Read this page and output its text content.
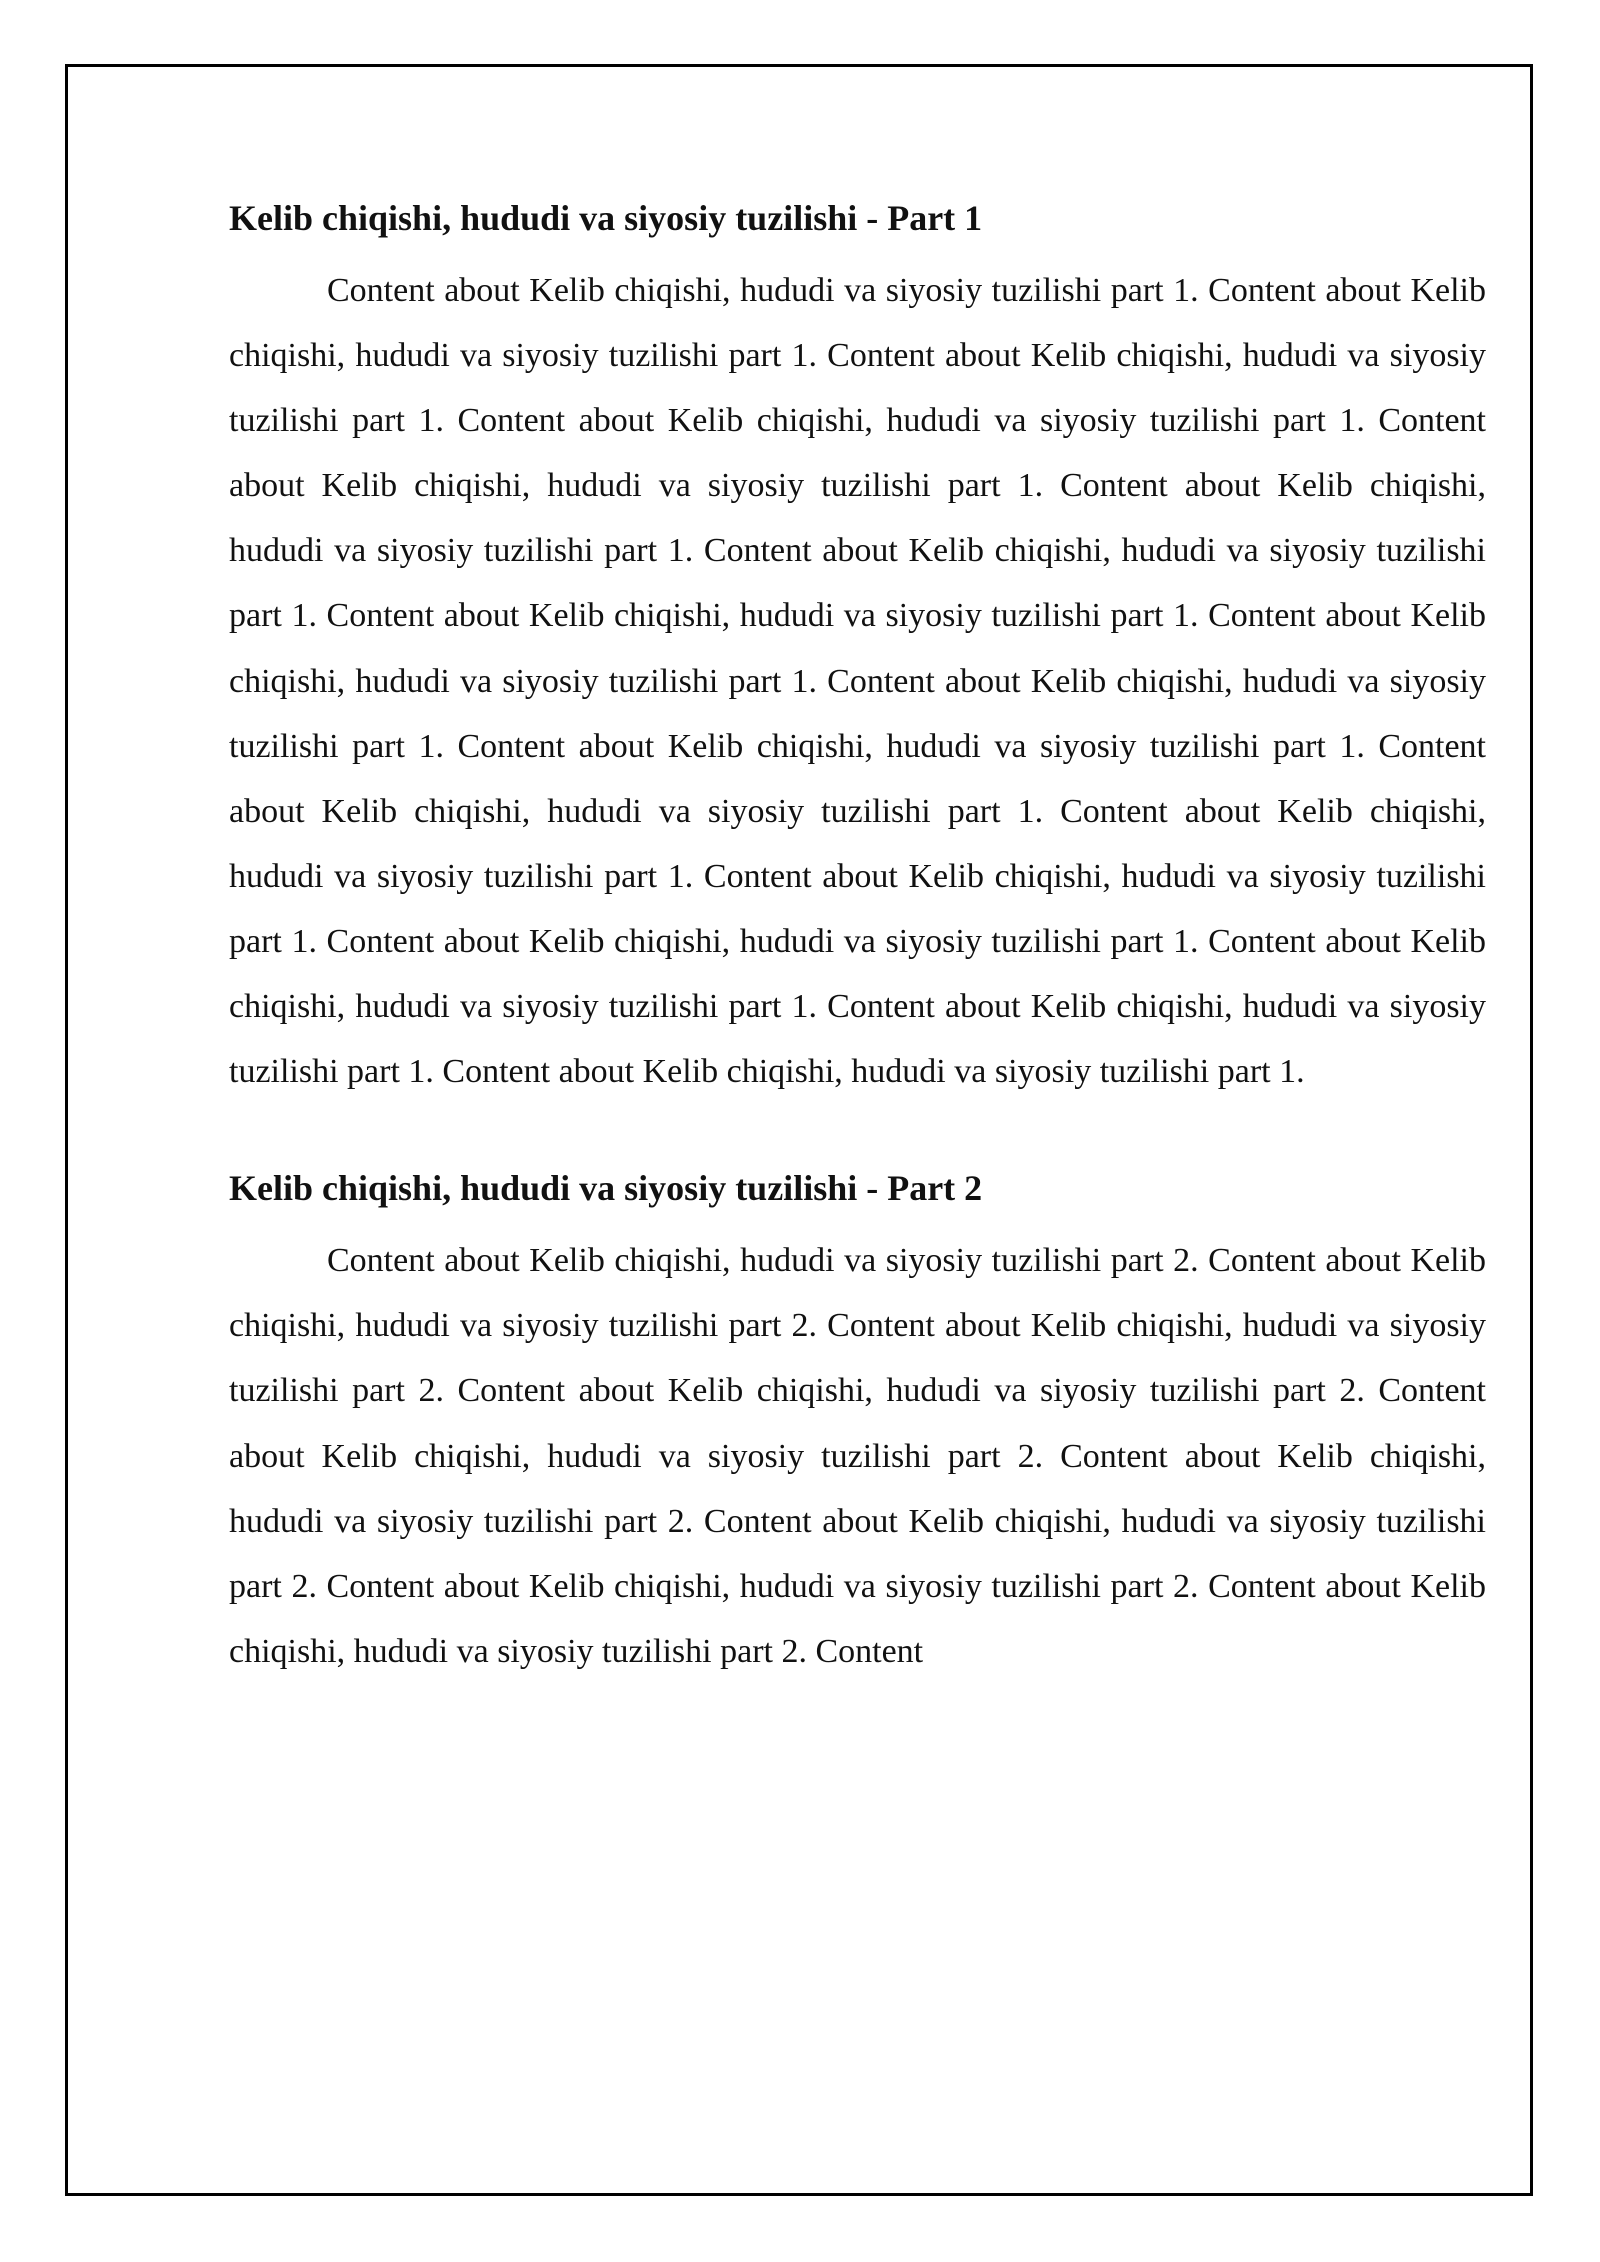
Kelib chiqishi, hududi va siyosiy tuzilishi - Part 1

Content about Kelib chiqishi, hududi va siyosiy tuzilishi part 1. Content about Kelib chiqishi, hududi va siyosiy tuzilishi part 1. Content about Kelib chiqishi, hududi va siyosiy tuzilishi part 1. Content about Kelib chiqishi, hududi va siyosiy tuzilishi part 1. Content about Kelib chiqishi, hududi va siyosiy tuzilishi part 1. Content about Kelib chiqishi, hududi va siyosiy tuzilishi part 1. Content about Kelib chiqishi, hududi va siyosiy tuzilishi part 1. Content about Kelib chiqishi, hududi va siyosiy tuzilishi part 1. Content about Kelib chiqishi, hududi va siyosiy tuzilishi part 1. Content about Kelib chiqishi, hududi va siyosiy tuzilishi part 1. Content about Kelib chiqishi, hududi va siyosiy tuzilishi part 1. Content about Kelib chiqishi, hududi va siyosiy tuzilishi part 1. Content about Kelib chiqishi, hududi va siyosiy tuzilishi part 1. Content about Kelib chiqishi, hududi va siyosiy tuzilishi part 1. Content about Kelib chiqishi, hududi va siyosiy tuzilishi part 1. Content about Kelib chiqishi, hududi va siyosiy tuzilishi part 1. Content about Kelib chiqishi, hududi va siyosiy tuzilishi part 1. Content about Kelib chiqishi, hududi va siyosiy tuzilishi part 1.

Kelib chiqishi, hududi va siyosiy tuzilishi - Part 2

Content about Kelib chiqishi, hududi va siyosiy tuzilishi part 2. Content about Kelib chiqishi, hududi va siyosiy tuzilishi part 2. Content about Kelib chiqishi, hududi va siyosiy tuzilishi part 2. Content about Kelib chiqishi, hududi va siyosiy tuzilishi part 2. Content about Kelib chiqishi, hududi va siyosiy tuzilishi part 2. Content about Kelib chiqishi, hududi va siyosiy tuzilishi part 2. Content about Kelib chiqishi, hududi va siyosiy tuzilishi part 2. Content about Kelib chiqishi, hududi va siyosiy tuzilishi part 2. Content about Kelib chiqishi, hududi va siyosiy tuzilishi part 2. Content
